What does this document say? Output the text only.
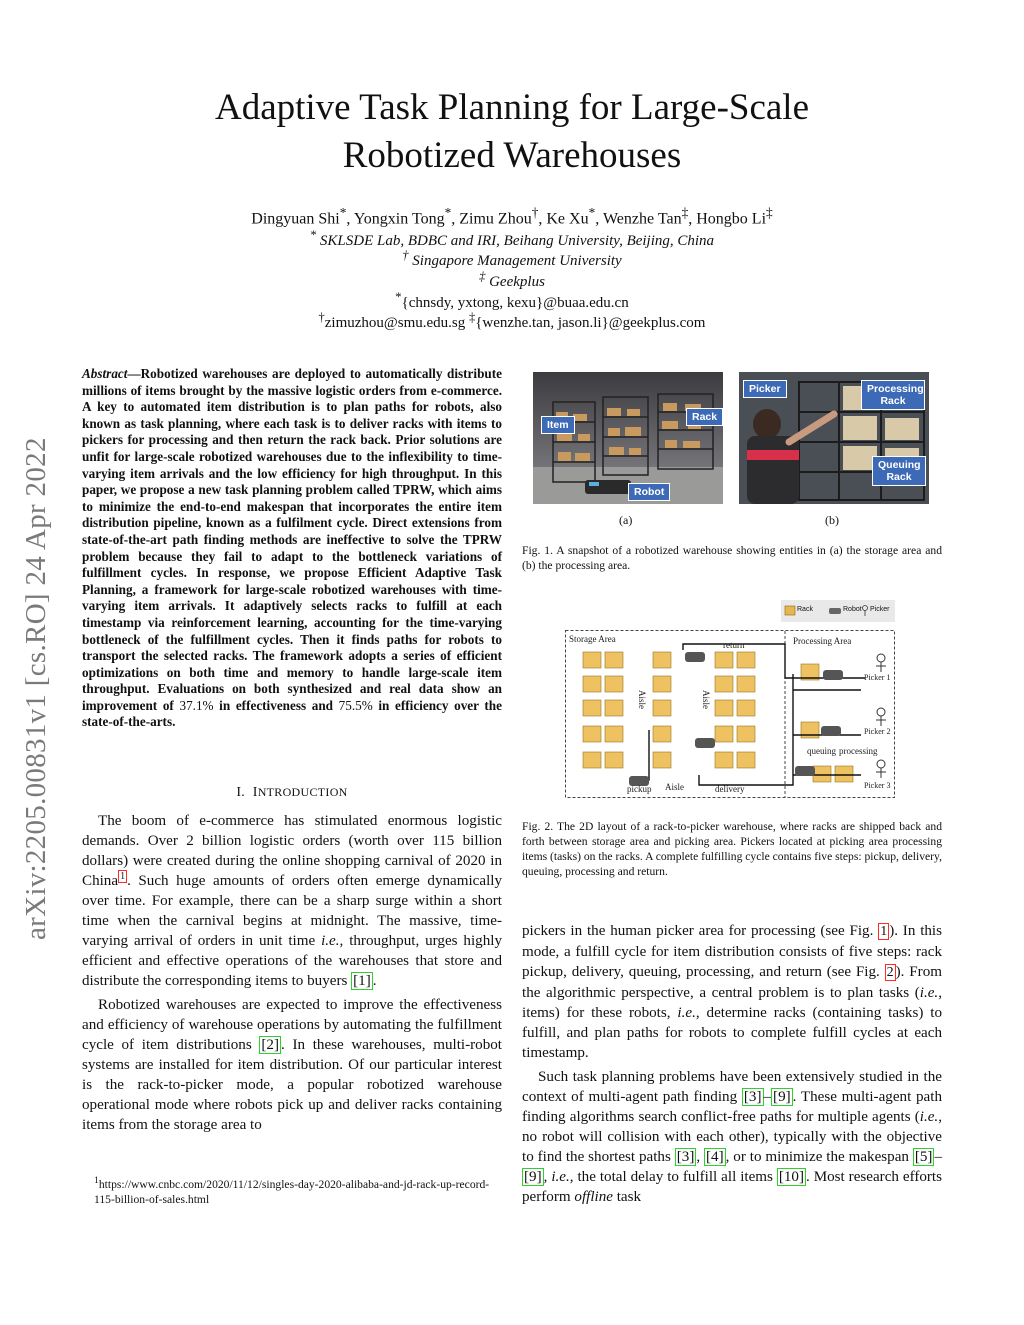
Adaptive Task Planning for Large-Scale
Robotized Warehouses
Dingyuan Shi*, Yongxin Tong*, Zimu Zhou†, Ke Xu*, Wenzhe Tan‡, Hongbo Li‡
* SKLSDE Lab, BDBC and IRI, Beihang University, Beijing, China
† Singapore Management University
‡ Geekplus
*{chnsdy, yxtong, kexu}@buaa.edu.cn
†zimuzhou@smu.edu.sg ‡{wenzhe.tan, jason.li}@geekplus.com
arXiv:2205.00831v1 [cs.RO] 24 Apr 2022
Abstract—Robotized warehouses are deployed to automatically distribute millions of items brought by the massive logistic orders from e-commerce. A key to automated item distribution is to plan paths for robots, also known as task planning, where each task is to deliver racks with items to pickers for processing and then return the rack back. Prior solutions are unfit for large-scale robotized warehouses due to the inflexibility to time-varying item arrivals and the low efficiency for high throughput. In this paper, we propose a new task planning problem called TPRW, which aims to minimize the end-to-end makespan that incorporates the entire item distribution pipeline, known as a fulfilment cycle. Direct extensions from state-of-the-art path finding methods are ineffective to solve the TPRW problem because they fail to adapt to the bottleneck variations of fulfillment cycles. In response, we propose Efficient Adaptive Task Planning, a framework for large-scale robotized warehouses with time-varying item arrivals. It adaptively selects racks to fulfill at each timestamp via reinforcement learning, accounting for the time-varying bottleneck of the fulfillment cycles. Then it finds paths for robots to transport the selected racks. The framework adopts a series of efficient optimizations on both time and memory to handle large-scale item throughput. Evaluations on both synthesized and real data show an improvement of 37.1% in effectiveness and 75.5% in efficiency over the state-of-the-arts.
I. INTRODUCTION

The boom of e-commerce has stimulated enormous logistic demands. Over 2 billion logistic orders (worth over 115 billion dollars) were created during the online shopping carnival of 2020 in China $^1$ . Such huge amounts of orders often emerge dynamically over time. For example, there can be a sharp surge within a short time when the carnival begins at midnight. The massive, time-varying arrival of orders in unit time i.e., throughput, urges highly efficient and effective operations of the warehouses that store and distribute the corresponding items to buyers [1] .

Robotized warehouses are expected to improve the effectiveness and efficiency of warehouse operations by automating the fulfillment cycle of item distributions [2] . In these warehouses, multi-robot systems are installed for item distribution. Of our particular interest is the rack-to-picker mode, a popular robotized warehouse operational mode where robots pick up and deliver racks containing items from the storage area to

$^1$https://www.cnbc.com/2020/11/12/singles-day-2020-alibaba-and-jd-rack-up-record-115-billion-of-sales.html
Item
Rack
Robot
Picker	Processing Rack
Queuing Rack
(a)	(b)
Fig. 1. A snapshot of a robotized warehouse showing entities in (a) the storage area and (b) the processing area.
Rack	Robot Picker
Storage Area	Processing Area
return
pickup Aisle	delivery
Aisle	Aisle
queuing processing
Picker 1
Picker 2
Picker 3
Fig. 2. The 2D layout of a rack-to-picker warehouse, where racks are shipped back and forth between storage area and picking area. Pickers located at picking area processing items (tasks) on the racks. A complete fulfilling cycle contains five steps: pickup, delivery, queuing, processing and return.

pickers in the human picker area for processing (see Fig. 1 ). In this mode, a fulfill cycle for item distribution consists of five steps: rack pickup, delivery, queuing, processing, and return (see Fig. 2 ). From the algorithmic perspective, a central problem is to plan tasks (i.e., items) for these robots, i.e., determine racks (containing tasks) to fulfill, and plan paths for robots to complete fulfill cycles at each timestamp.

Such task planning problems have been extensively studied in the context of multi-agent path finding [3] – [9] . These multi-agent path finding algorithms search conflict-free paths for multiple agents (i.e., no robot will collision with each other), typically with the objective to find the shortest paths [3] , [4] , or to minimize the makespan [5] –[9] , i.e., the total delay to fulfill all items [10] . Most research efforts perform offline task
